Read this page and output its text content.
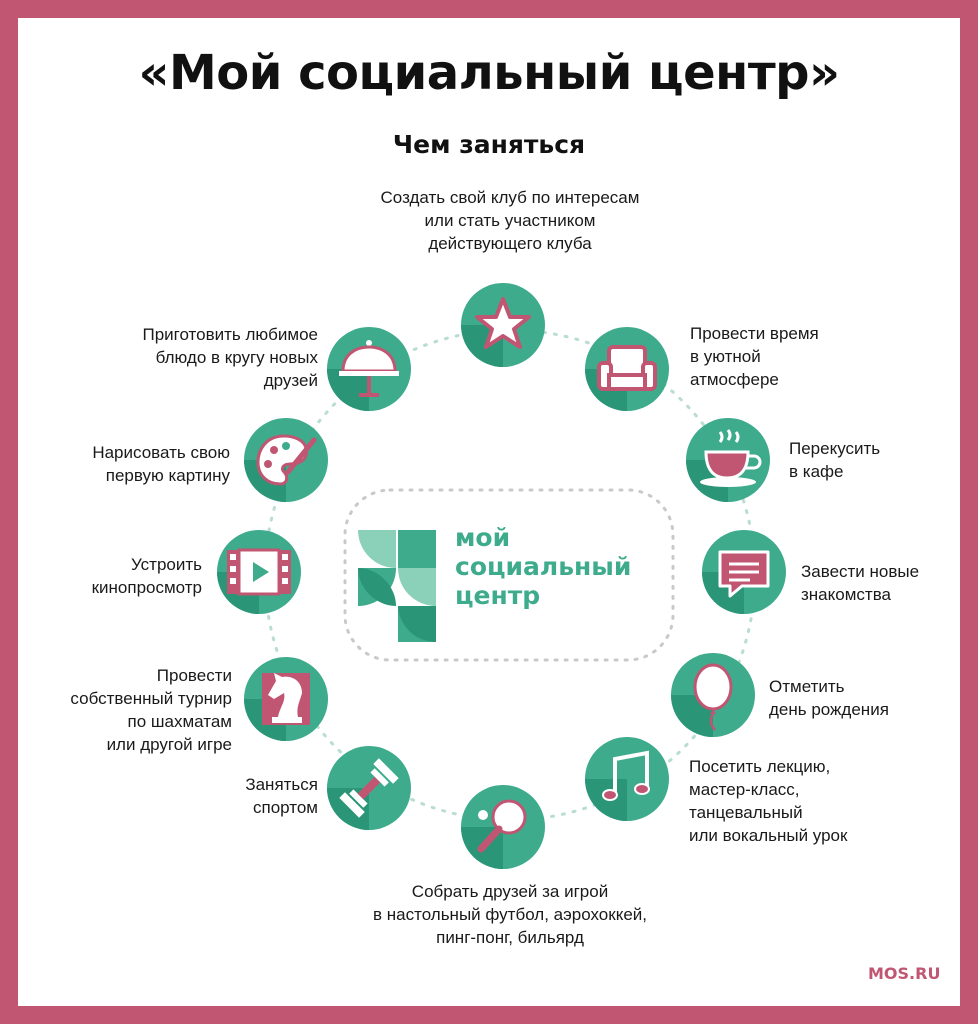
«Мой социальный центр»
Чем заняться
мой
социальный
центр
Создать свой клуб по интересам
или стать участником
действующего клуба
Провести время
в уютной
атмосфере
Перекусить
в кафе
Завести новые
знакомства
Отметить
день рождения
Посетить лекцию,
мастер-класс,
танцевальный
или вокальный урок
Собрать друзей за игрой
в настольный футбол, аэрохоккей,
пинг-понг, бильярд
Заняться
спортом
Провести
собственный турнир
по шахматам
или другой игре
Устроить
кинопросмотр
Нарисовать свою
первую картину
Приготовить любимое
блюдо в кругу новых
друзей
MOS.RU
